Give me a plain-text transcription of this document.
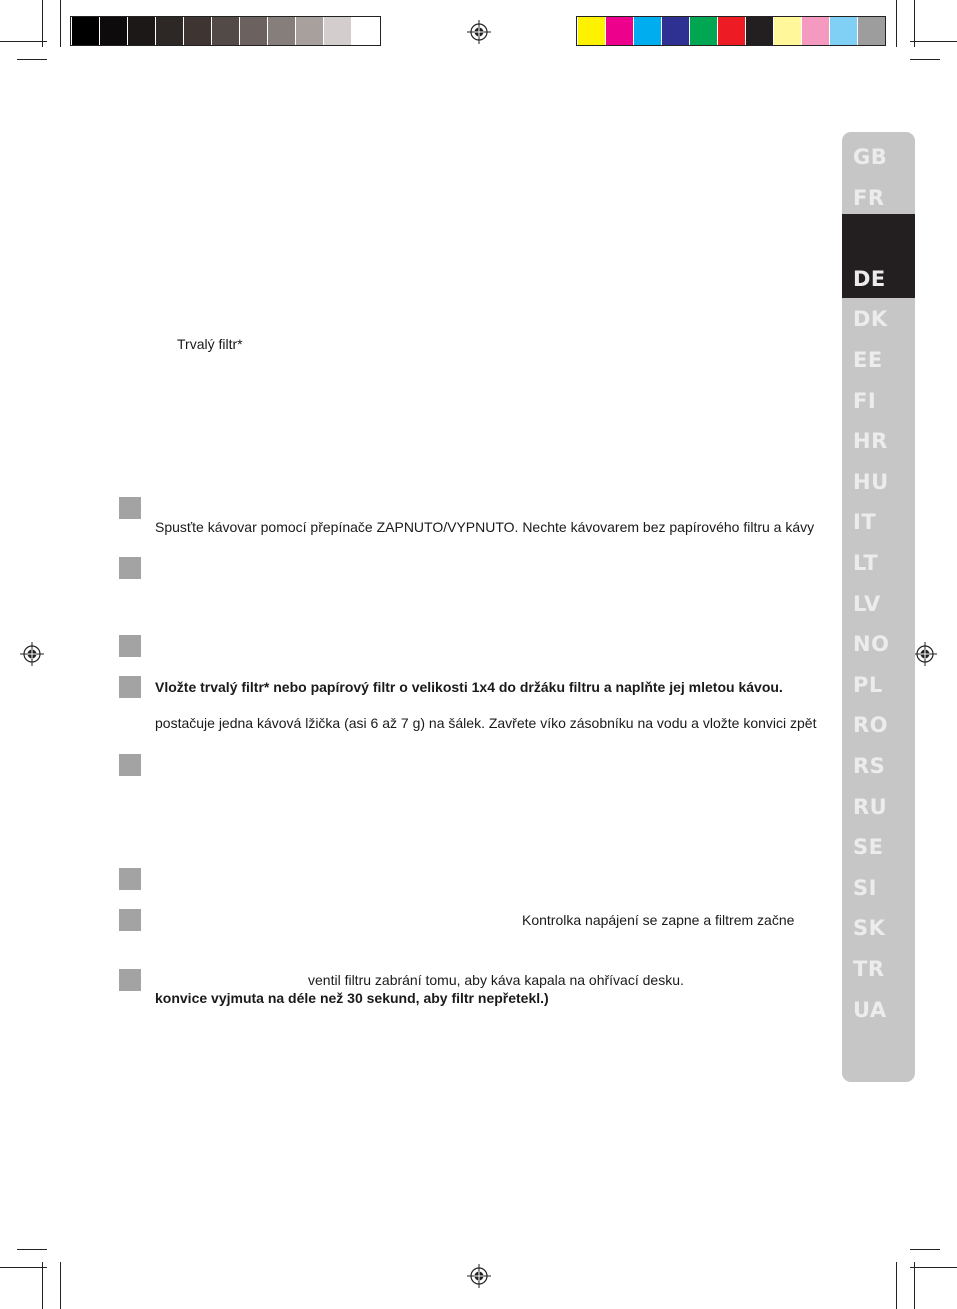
GB
FR
DE
DK
EE
FI
HR
HU
IT
LT
LV
NO
PL
RO
RS
RU
SE
SI
SK
TR
UA
Trvalý filtr*
Spusťte kávovar pomocí přepínače ZAPNUTO/VYPNUTO. Nechte kávovarem bez papírového filtru a kávy
Vložte trvalý filtr* nebo papírový filtr o velikosti 1x4 do držáku filtru a naplňte jej mletou kávou.
postačuje jedna kávová lžička (asi 6 až 7 g) na šálek. Zavřete víko zásobníku na vodu a vložte konvici zpět
Kontrolka napájení se zapne a filtrem začne
ventil filtru zabrání tomu, aby káva kapala na ohřívací desku.
konvice vyjmuta na déle než 30 sekund, aby filtr nepřetekl.)
